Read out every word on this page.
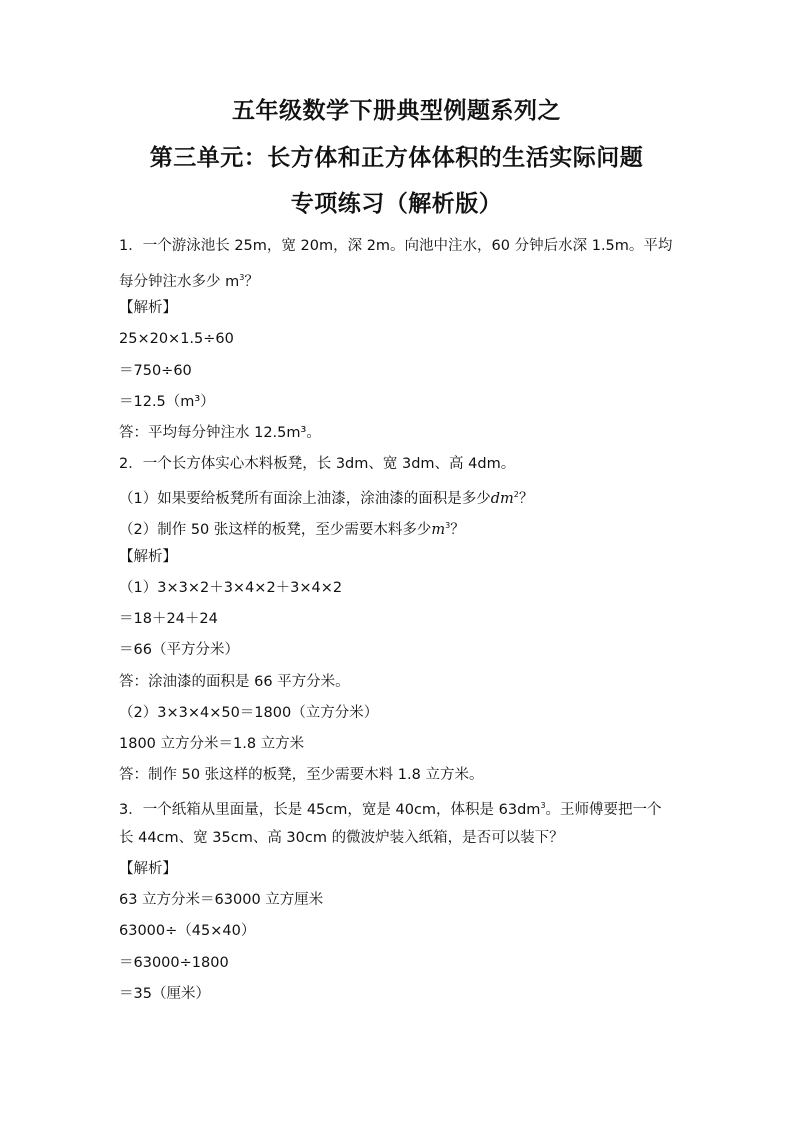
五年级数学下册典型例题系列之
第三单元：长方体和正方体体积的生活实际问题
专项练习（解析版）
1．一个游泳池长 25m，宽 20m，深 2m。向池中注水，60 分钟后水深 1.5m。平均
每分钟注水多少 $m^3$？
【解析】
25×20×1.5÷60
＝750÷60
＝12.5（m³）
答：平均每分钟注水 12.5m³。
2．一个长方体实心木料板凳，长 3dm、宽 3dm、高 4dm。
（1）如果要给板凳所有面涂上油漆，涂油漆的面积是多少$dm^2$？
（2）制作 50 张这样的板凳，至少需要木料多少$m^3$？
【解析】
（1）3×3×2＋3×4×2＋3×4×2
＝18＋24＋24
＝66（平方分米）
答：涂油漆的面积是 66 平方分米。
（2）3×3×4×50＝1800（立方分米）
1800 立方分米＝1.8 立方米
答：制作 50 张这样的板凳，至少需要木料 1.8 立方米。
3．一个纸箱从里面量，长是 45cm，宽是 40cm，体积是 $63dm^3$。王师傅要把一个
长 44cm、宽 35cm、高 30cm 的微波炉装入纸箱，是否可以装下？
【解析】
63 立方分米＝63000 立方厘米
63000÷（45×40）
＝63000÷1800
＝35（厘米）
